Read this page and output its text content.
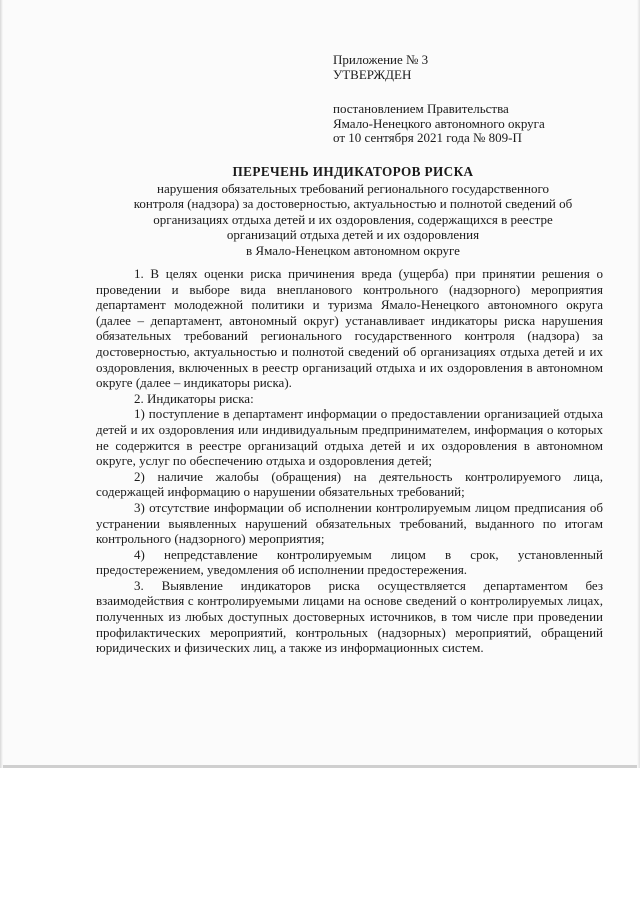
Приложение № 3
УТВЕРЖДЕН
постановлением Правительства
Ямало-Ненецкого автономного округа
от 10 сентября 2021 года № 809-П
ПЕРЕЧЕНЬ ИНДИКАТОРОВ РИСКА
нарушения обязательных требований регионального государственного
контроля (надзора) за достоверностью, актуальностью и полнотой сведений об
организациях отдыха детей и их оздоровления, содержащихся в реестре
организаций отдыха детей и их оздоровления
в Ямало-Ненецком автономном округе

1. В целях оценки риска причинения вреда (ущерба) при принятии решения о проведении и выборе вида внепланового контрольного (надзорного) мероприятия департамент молодежной политики и туризма Ямало-Ненецкого автономного округа (далее – департамент, автономный округ) устанавливает индикаторы риска нарушения обязательных требований регионального государственного контроля (надзора) за достоверностью, актуальностью и полнотой сведений об организациях отдыха детей и их оздоровления, включенных в реестр организаций отдыха и их оздоровления в автономном округе (далее – индикаторы риска).

2. Индикаторы риска:

1) поступление в департамент информации о предоставлении организацией отдыха детей и их оздоровления или индивидуальным предпринимателем, информация о которых не содержится в реестре организаций отдыха детей и их оздоровления в автономном округе, услуг по обеспечению отдыха и оздоровления детей;

2) наличие жалобы (обращения) на деятельность контролируемого лица, содержащей информацию о нарушении обязательных требований;

3) отсутствие информации об исполнении контролируемым лицом предписания об устранении выявленных нарушений обязательных требований, выданного по итогам контрольного (надзорного) мероприятия;

4) непредставление контролируемым лицом в срок, установленный предостережением, уведомления об исполнении предостережения.

3. Выявление индикаторов риска осуществляется департаментом без взаимодействия с контролируемыми лицами на основе сведений о контролируемых лицах, полученных из любых доступных достоверных источников, в том числе при проведении профилактических мероприятий, контрольных (надзорных) мероприятий, обращений юридических и физических лиц, а также из информационных систем.
